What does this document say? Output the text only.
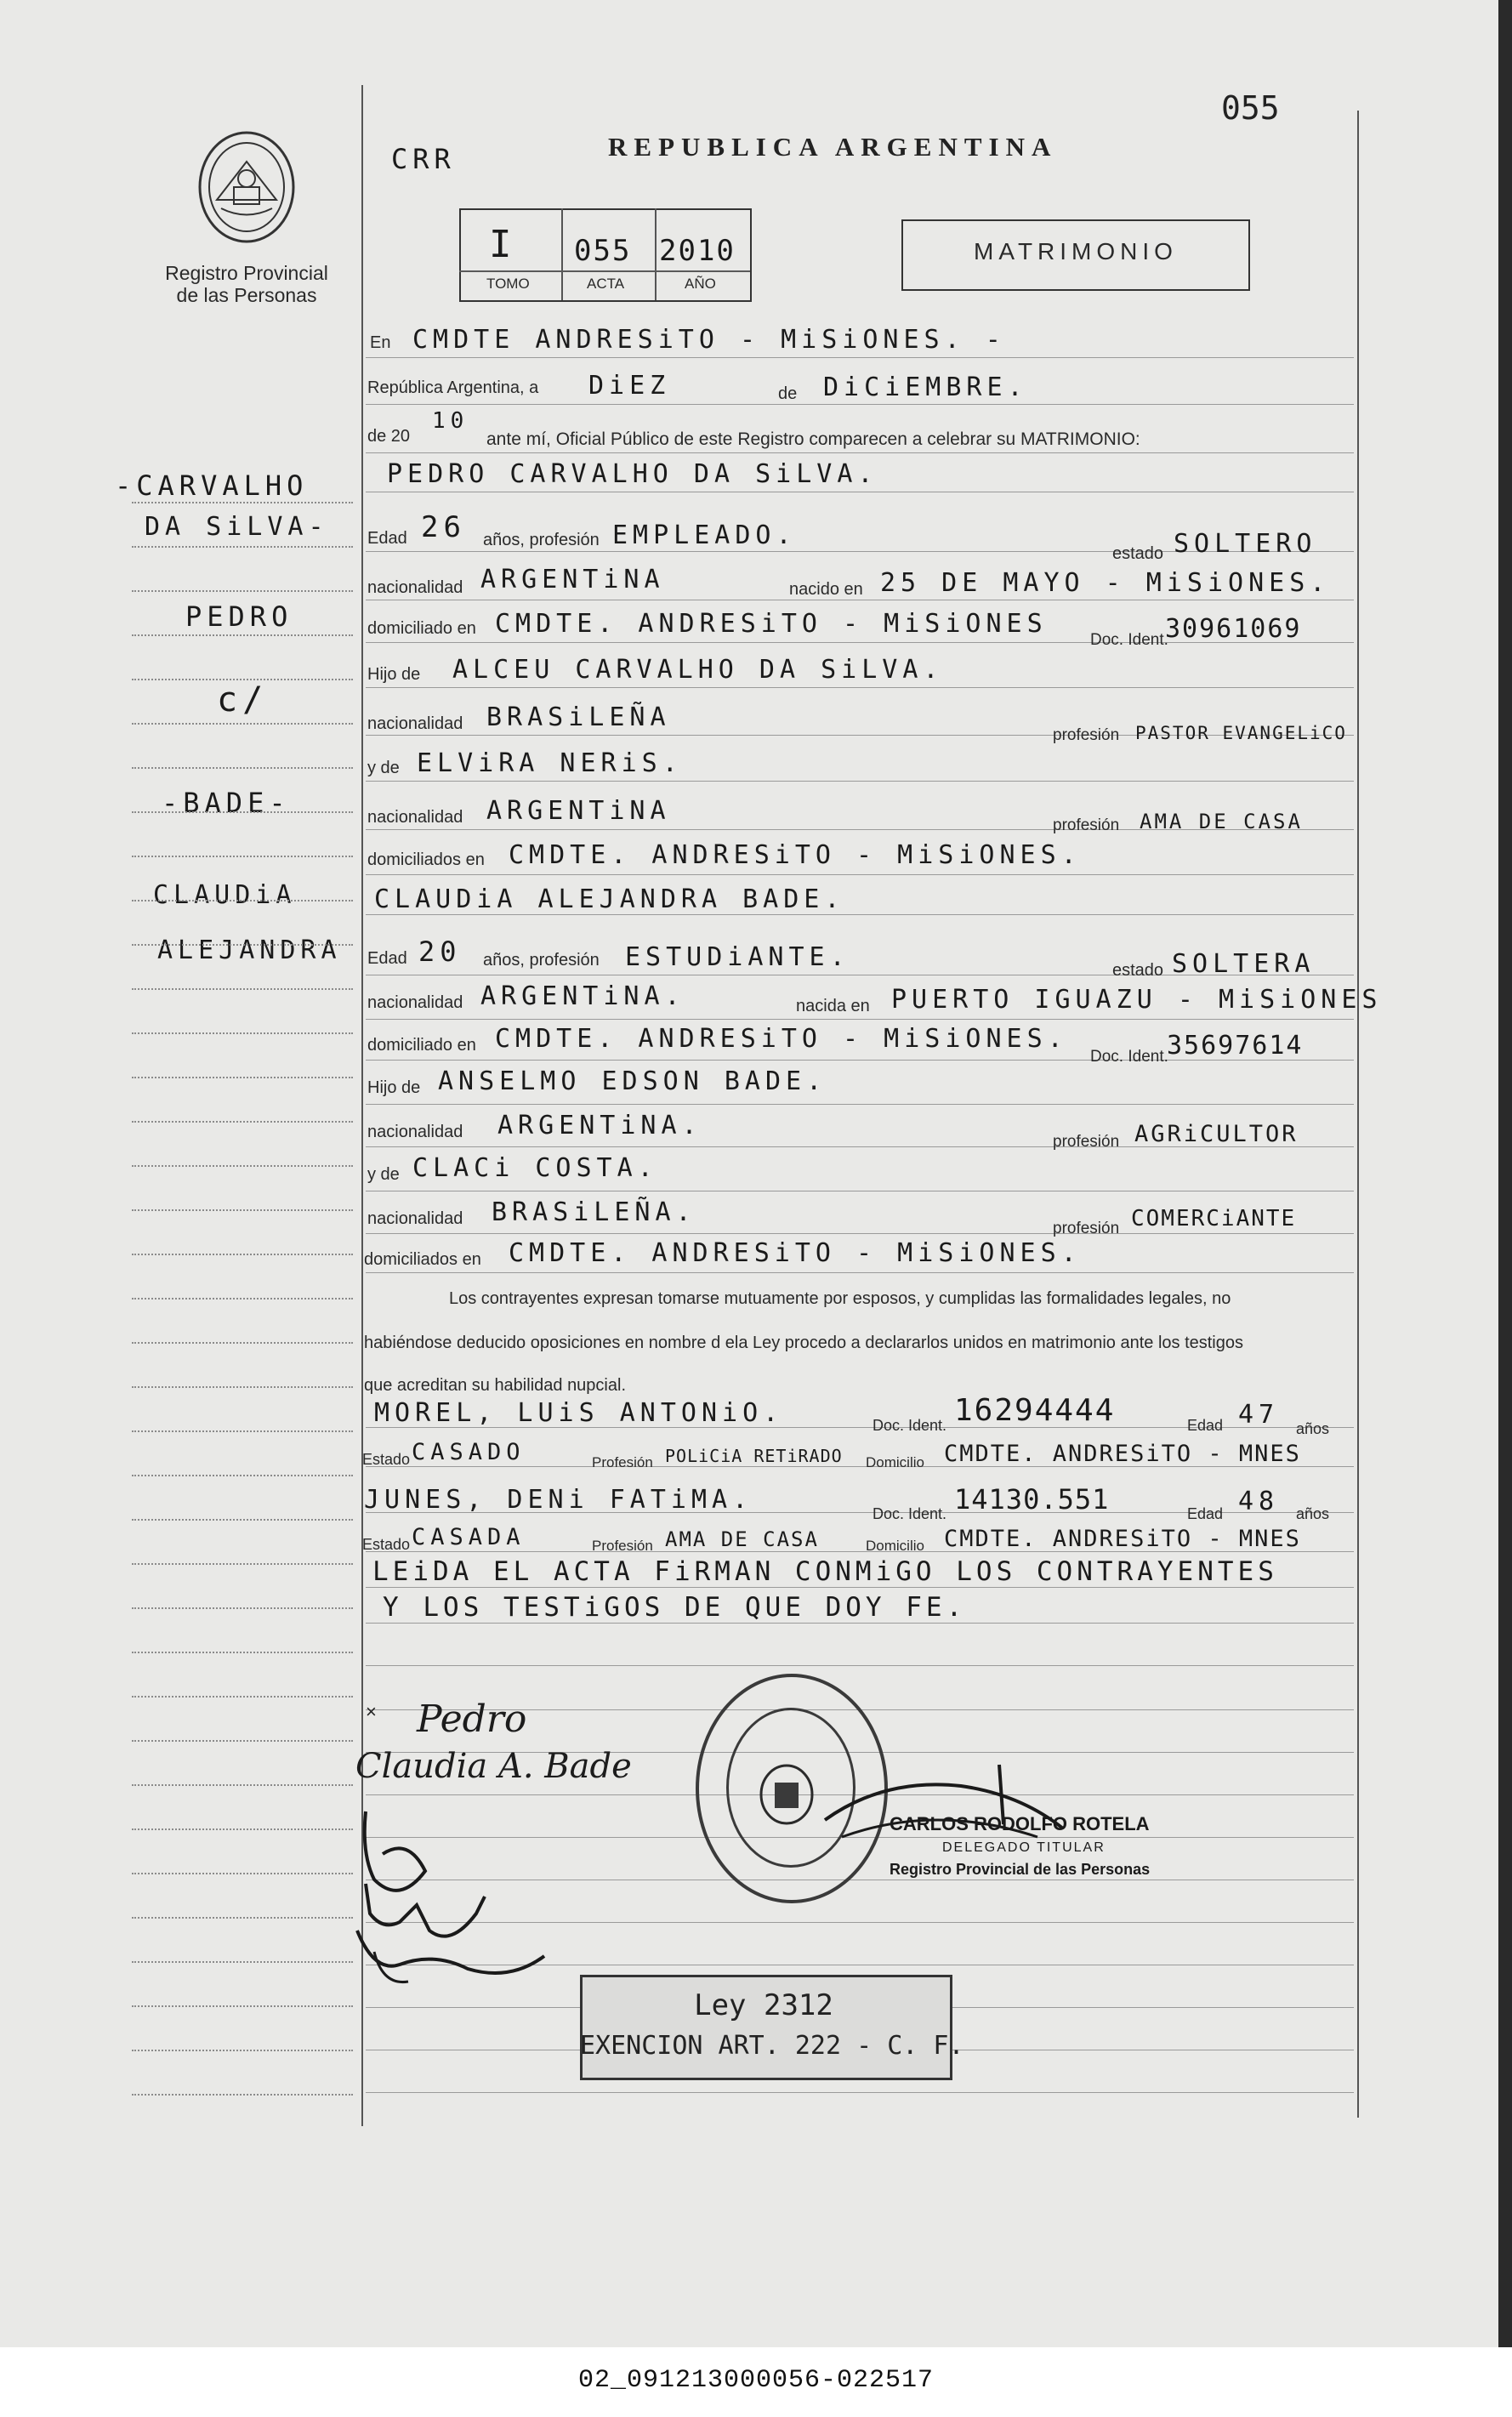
Registro Provincial
de las Personas
CRR	REPUBLICA ARGENTINA
055
I 055 2010
TOMO	ACTA	AÑO
MATRIMONIO
-CARVALHO
DA SiLVA-
PEDRO
c/
-BADE-
CLAUDiA
ALEJANDRA
En CMDTE ANDRESiTO - MiSiONES. -
República Argentina, a DiEZ	de DiCiEMBRE.
de 20
10
ante mí, Oficial Público de este Registro comparecen a celebrar su MATRIMONIO:
PEDRO CARVALHO DA SiLVA.
Edad 26 años, profesión EMPLEADO.
estado SOLTERO
nacionalidad ARGENTiNA	nacido en 25 DE MAYO - MiSiONES.
domiciliado en CMDTE. ANDRESiTO - MiSiONES
Doc. Ident.
30961069
Hijo de ALCEU CARVALHO DA SiLVA.
nacionalidad BRASiLEÑA
profesión PASTOR EVANGELiCO
y de ELViRA NERiS.
nacionalidad ARGENTiNA	profesión AMA DE CASA
domiciliados en CMDTE. ANDRESiTO - MiSiONES.
CLAUDiA ALEJANDRA BADE.
Edad 20 años, profesión ESTUDiANTE.	estado SOLTERA
nacionalidad ARGENTiNA.	nacida en PUERTO IGUAZU - MiSiONES
domiciliado en CMDTE. ANDRESiTO - MiSiONES.
Doc. Ident.
35697614
Hijo de ANSELMO EDSON BADE.
nacionalidad ARGENTiNA.
profesión AGRiCULTOR
y de CLACi COSTA.
nacionalidad BRASiLEÑA.
profesión COMERCiANTE
domiciliados en CMDTE. ANDRESiTO - MiSiONES.
Los contrayentes expresan tomarse mutuamente por esposos, y cumplidas las formalidades legales, no
habiéndose deducido oposiciones en nombre d ela Ley procedo a declararlos unidos en matrimonio ante los testigos
que acreditan su habilidad nupcial.
MOREL, LUiS ANTONiO.	Doc. Ident. 16294444	Edad 47 años
Estado CASADO	Profesión POLiCiA RETiRADO Domicilio CMDTE. ANDRESiTO - MNES
JUNES, DENi FATiMA.	Doc. Ident. 14130.551	Edad 48 años
Estado CASADA	Profesión AMA DE CASA	Domicilio CMDTE. ANDRESiTO - MNES
LEiDA EL ACTA FiRMAN CONMiGO LOS CONTRAYENTES
Y LOS TESTiGOS DE QUE DOY FE.
× Pedro
Claudia A. Bade
CARLOS RODOLFO ROTELA
DELEGADO TITULAR
Registro Provincial de las Personas
Ley 2312
EXENCION ART. 222 - C. F.
02_091213000056-022517
